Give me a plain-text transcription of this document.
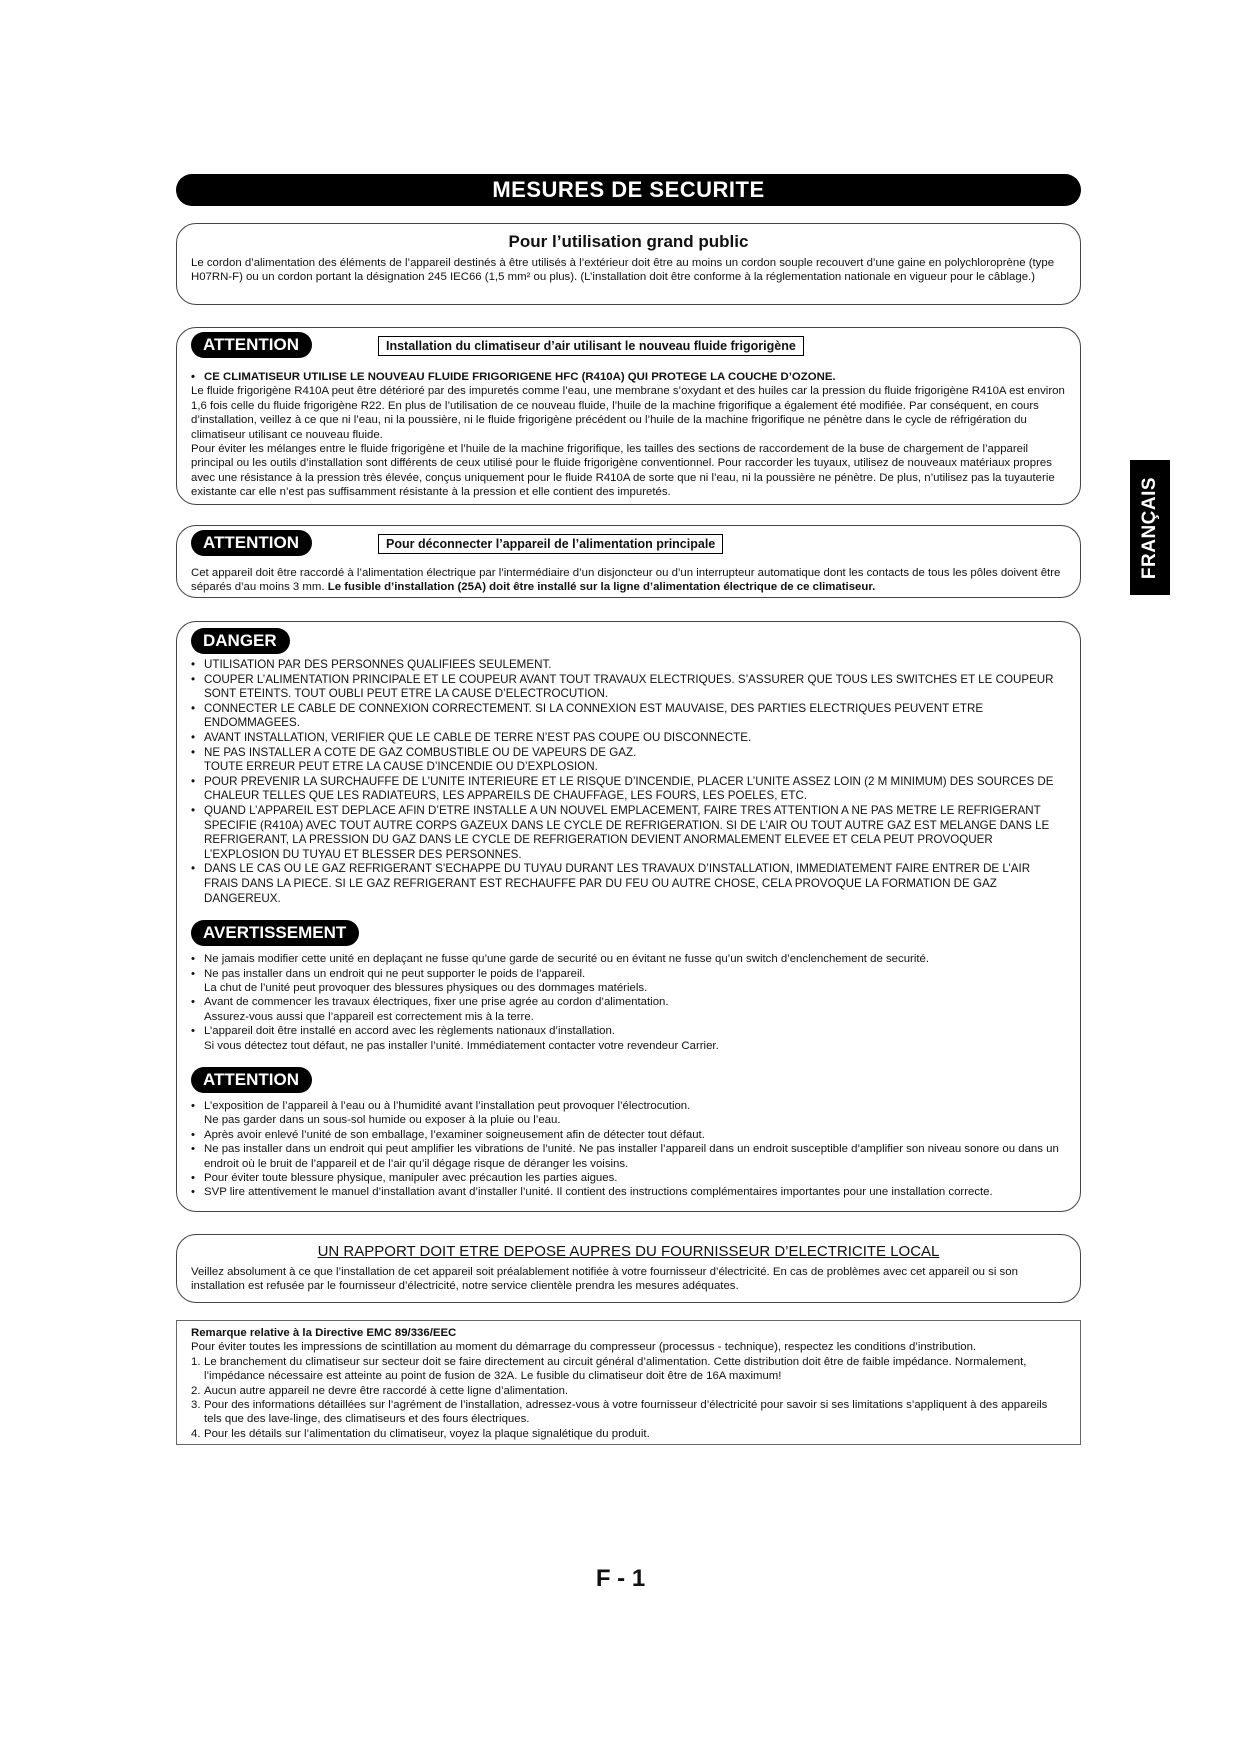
MESURES DE SECURITE
FRANÇAIS
Pour l’utilisation grand public

Le cordon d’alimentation des éléments de l’appareil destinés à être utilisés à l’extérieur doit être au moins un cordon souple recouvert d’une gaine en polychloroprène (type H07RN-F) ou un cordon portant la désignation 245 IEC66 (1,5 mm² ou plus). (L’installation doit être conforme à la réglementation nationale en vigueur pour le câblage.)

ATTENTION	Installation du climatiseur d’air utilisant le nouveau fluide frigorigène

• CE CLIMATISEUR UTILISE LE NOUVEAU FLUIDE FRIGORIGENE HFC (R410A) QUI PROTEGE LA COUCHE D’OZONE.

Le fluide frigorigène R410A peut être détérioré par des impuretés comme l’eau, une membrane s’oxydant et des huiles car la pression du fluide frigorigène R410A est environ 1,6 fois celle du fluide frigorigène R22. En plus de l’utilisation de ce nouveau fluide, l’huile de la machine frigorifique a également été modifiée. Par conséquent, en cours d’installation, veillez à ce que ni l’eau, ni la poussière, ni le fluide frigorigène précédent ou l’huile de la machine frigorifique ne pénètre dans le cycle de réfrigération du climatiseur utilisant ce nouveau fluide.

Pour éviter les mélanges entre le fluide frigorigène et l’huile de la machine frigorifique, les tailles des sections de raccordement de la buse de chargement de l’appareil principal ou les outils d’installation sont différents de ceux utilisé pour le fluide frigorigène conventionnel. Pour raccorder les tuyaux, utilisez de nouveaux matériaux propres avec une résistance à la pression très élevée, conçus uniquement pour le fluide R410A de sorte que ni l’eau, ni la poussière ne pénètre. De plus, n’utilisez pas la tuyauterie existante car elle n’est pas suffisamment résistante à la pression et elle contient des impuretés.

ATTENTION	Pour déconnecter l’appareil de l’alimentation principale

Cet appareil doit être raccordé à l’alimentation électrique par l’intermédiaire d’un disjoncteur ou d’un interrupteur automatique dont les contacts de tous les pôles doivent être séparés d’au moins 3 mm. Le fusible d’installation (25A) doit être installé sur la ligne d’alimentation électrique de ce climatiseur.

DANGER

• UTILISATION PAR DES PERSONNES QUALIFIEES SEULEMENT.

• COUPER L’ALIMENTATION PRINCIPALE ET LE COUPEUR AVANT TOUT TRAVAUX ELECTRIQUES. S’ASSURER QUE TOUS LES SWITCHES ET LE COUPEUR SONT ETEINTS. TOUT OUBLI PEUT ETRE LA CAUSE D’ELECTROCUTION.

• CONNECTER LE CABLE DE CONNEXION CORRECTEMENT. SI LA CONNEXION EST MAUVAISE, DES PARTIES ELECTRIQUES PEUVENT ETRE ENDOMMAGEES.

• AVANT INSTALLATION, VERIFIER QUE LE CABLE DE TERRE N’EST PAS COUPE OU DISCONNECTE.

• NE PAS INSTALLER A COTE DE GAZ COMBUSTIBLE OU DE VAPEURS DE GAZ.

TOUTE ERREUR PEUT ETRE LA CAUSE D’INCENDIE OU D’EXPLOSION.

• POUR PREVENIR LA SURCHAUFFE DE L’UNITE INTERIEURE ET LE RISQUE D’INCENDIE, PLACER L’UNITE ASSEZ LOIN (2 M MINIMUM) DES SOURCES DE CHALEUR TELLES QUE LES RADIATEURS, LES APPAREILS DE CHAUFFAGE, LES FOURS, LES POELES, ETC.

• QUAND L’APPAREIL EST DEPLACE AFIN D’ETRE INSTALLE A UN NOUVEL EMPLACEMENT, FAIRE TRES ATTENTION A NE PAS METRE LE REFRIGERANT SPECIFIE (R410A) AVEC TOUT AUTRE CORPS GAZEUX DANS LE CYCLE DE REFRIGERATION. SI DE L’AIR OU TOUT AUTRE GAZ EST MELANGE DANS LE REFRIGERANT, LA PRESSION DU GAZ DANS LE CYCLE DE REFRIGERATION DEVIENT ANORMALEMENT ELEVEE ET CELA PEUT PROVOQUER L’EXPLOSION DU TUYAU ET BLESSER DES PERSONNES.

• DANS LE CAS OU LE GAZ REFRIGERANT S’ECHAPPE DU TUYAU DURANT LES TRAVAUX D’INSTALLATION, IMMEDIATEMENT FAIRE ENTRER DE L’AIR FRAIS DANS LA PIECE. SI LE GAZ REFRIGERANT EST RECHAUFFE PAR DU FEU OU AUTRE CHOSE, CELA PROVOQUE LA FORMATION DE GAZ DANGEREUX.

AVERTISSEMENT

• Ne jamais modifier cette unité en deplaçant ne fusse qu’une garde de securité ou en évitant ne fusse qu’un switch d’enclenchement de securité.

• Ne pas installer dans un endroit qui ne peut supporter le poids de l’appareil.

La chut de l’unité peut provoquer des blessures physiques ou des dommages matériels.

• Avant de commencer les travaux électriques, fixer une prise agrée au cordon d’alimentation.

Assurez-vous aussi que l’appareil est correctement mis à la terre.

• L’appareil doit être installé en accord avec les règlements nationaux d’installation.

Si vous détectez tout défaut, ne pas installer l’unité. Immédiatement contacter votre revendeur Carrier.

ATTENTION

• L’exposition de l’appareil à l’eau ou à l’humidité avant l’installation peut provoquer l’électrocution.

Ne pas garder dans un sous-sol humide ou exposer à la pluie ou l’eau.

• Après avoir enlevé l’unité de son emballage, l’examiner soigneusement afin de détecter tout défaut.

• Ne pas installer dans un endroit qui peut amplifier les vibrations de l’unité. Ne pas installer l’appareil dans un endroit susceptible d’amplifier son niveau sonore ou dans un endroit où le bruit de l’appareil et de l’air qu’il dégage risque de déranger les voisins.

• Pour éviter toute blessure physique, manipuler avec précaution les parties aigues.

• SVP lire attentivement le manuel d’installation avant d’installer l’unité. Il contient des instructions complémentaires importantes pour une installation correcte.

UN RAPPORT DOIT ETRE DEPOSE AUPRES DU FOURNISSEUR D’ELECTRICITE LOCAL

Veillez absolument à ce que l’installation de cet appareil soit préalablement notifiée à votre fournisseur d’électricité. En cas de problèmes avec cet appareil ou si son installation est refusée par le fournisseur d’électricité, notre service clientèle prendra les mesures adéquates.

Remarque relative à la Directive EMC 89/336/EEC

Pour éviter toutes les impressions de scintillation au moment du démarrage du compresseur (processus - technique), respectez les conditions d’instribution.

1. Le branchement du climatiseur sur secteur doit se faire directement au circuit général d’alimentation. Cette distribution doit être de faible impédance. Normalement, l’impédance nécessaire est atteinte au point de fusion de 32A. Le fusible du climatiseur doit être de 16A maximum!
2. Aucun autre appareil ne devre être raccordé à cette ligne d’alimentation.
3. Pour des informations détaillées sur l’agrément de l’installation, adressez-vous à votre fournisseur d’électricité pour savoir si ses limitations s’appliquent à des appareils tels que des lave-linge, des climatiseurs et des fours électriques.
4. Pour les détails sur l’alimentation du climatiseur, voyez la plaque signalétique du produit.
F - 1
